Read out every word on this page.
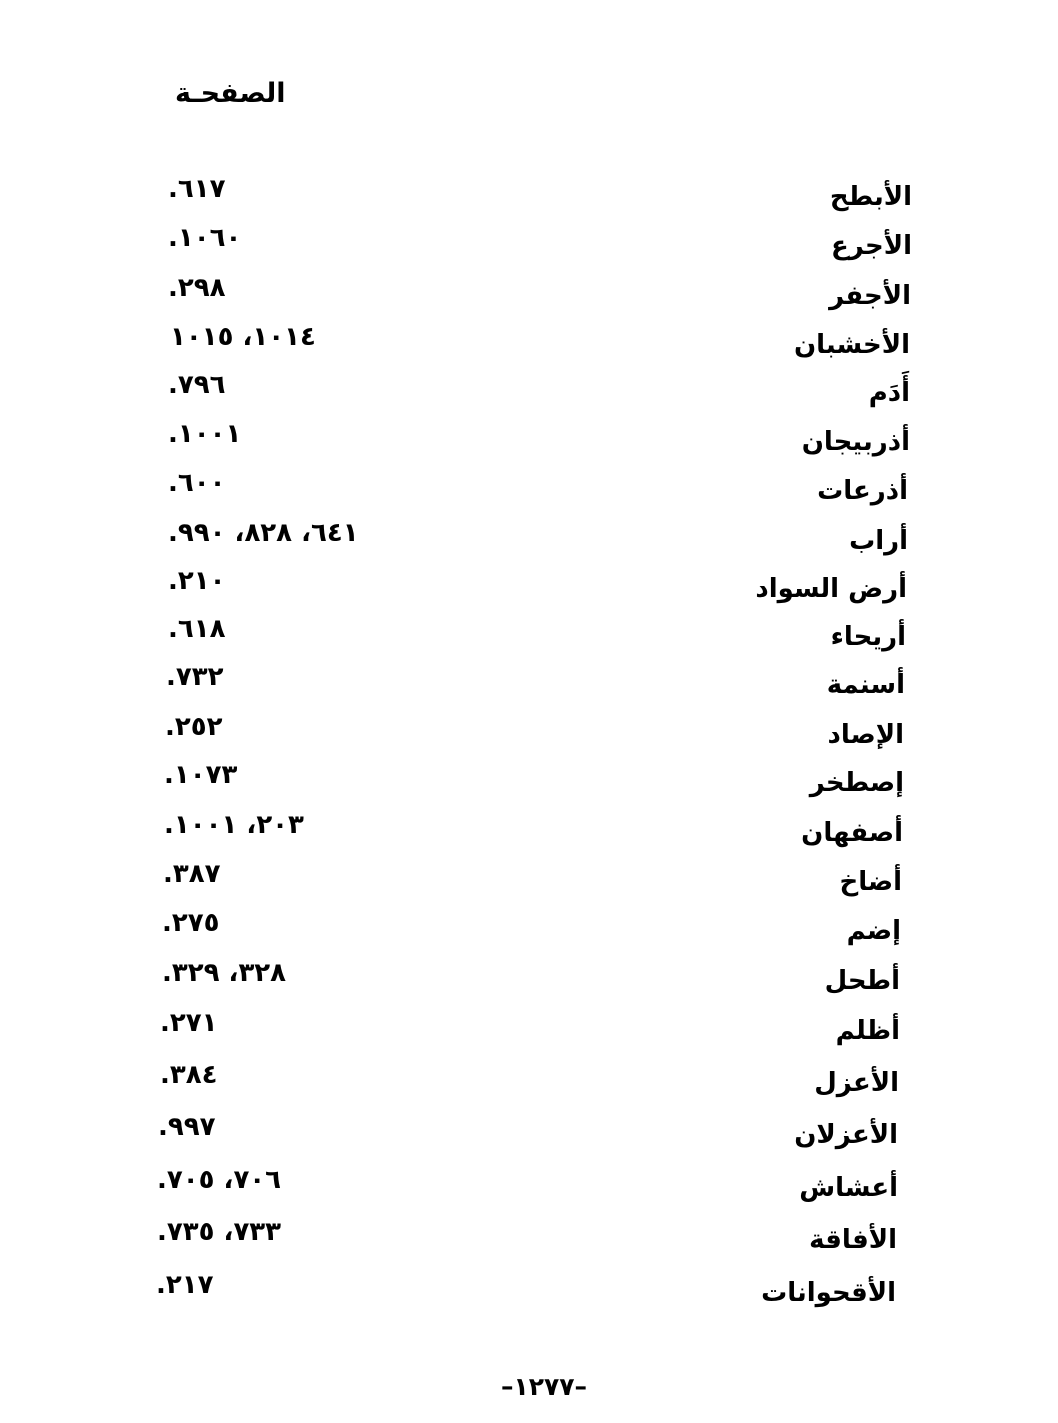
الصفحـة
الأبطح
٦١٧.
الأجرع
١٠٦٠.
الأجفر
٢٩٨.
الأخشبان
١٠١٤، ١٠١٥
أَدَم
٧٩٦.
أذربيجان
١٠٠١.
أذرعات
٦٠٠.
أراب
٦٤١، ٨٢٨، ٩٩٠.
أرض السواد
٢١٠.
أريحاء
٦١٨.
أسنمة
٧٣٢.
الإصاد
٢٥٢.
إصطخر
١٠٧٣.
أصفهان
٢٠٣، ١٠٠١.
أضاخ
٣٨٧.
إضم
٢٧٥.
أطحل
٣٢٨، ٣٢٩.
أظلم
٢٧١.
الأعزل
٣٨٤.
الأعزلان
٩٩٧.
أعشاش
٧٠٦، ٧٠٥.
الأفاقة
٧٣٣، ٧٣٥.
الأقحوانات
٢١٧.
–١٢٧٧–
